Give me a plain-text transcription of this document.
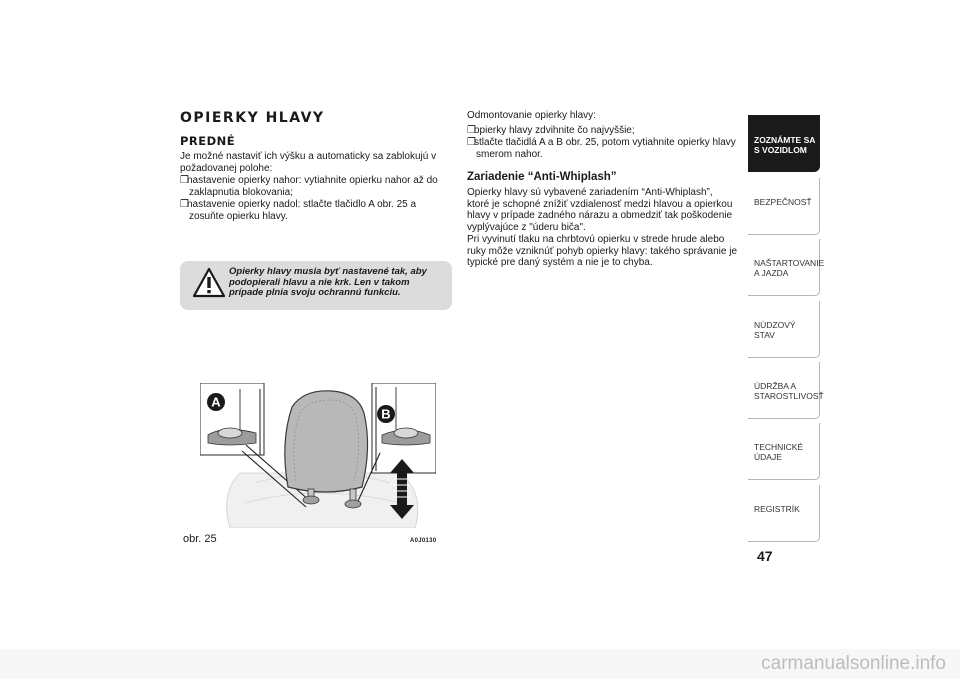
OPIERKY HLAVY
PREDNÉ

Je možné nastaviť ich výšku a automaticky sa zablokujú v požadovanej polohe:

❒nastavenie opierky nahor: vytiahnite opierku nahor až do zaklapnutia blokovania;
❒nastavenie opierky nadol: stlačte tlačidlo A obr. 25 a zosuňte opierku hlavy.
Opierky hlavy musia byť nastavené tak, aby podopierali hlavu a nie krk. Len v takom prípade plnia svoju ochrannú funkciu.
A
B
obr. 25	A0J0130

Odmontovanie opierky hlavy:

❒opierky hlavy zdvihnite čo najvyššie;
❒stlačte tlačidlá A a B obr. 25, potom vytiahnite opierky hlavy smerom nahor.
Zariadenie “Anti-Whiplash”

Opierky hlavy sú vybavené zariadením “Anti-Whiplash”, ktoré je schopné znížiť vzdialenosť medzi hlavou a opierkou hlavy v prípade zadného nárazu a obmedziť tak poškodenie vyplývajúce z "úderu biča".

Pri vyvinutí tlaku na chrbtovú opierku v strede hrude alebo ruky môže vzniknúť pohyb opierky hlavy: takého správanie je typické pre daný systém a nie je to chyba.

ZOZNÁMTE SA S VOZIDLOM
BEZPEČNOSŤ
NAŠTARTOVANIE A JAZDA
NÚDZOVÝ STAV
ÚDRŽBA A STAROSTLIVOSŤ
TECHNICKÉ ÚDAJE
REGISTRÍK
47
carmanualsonline.info
